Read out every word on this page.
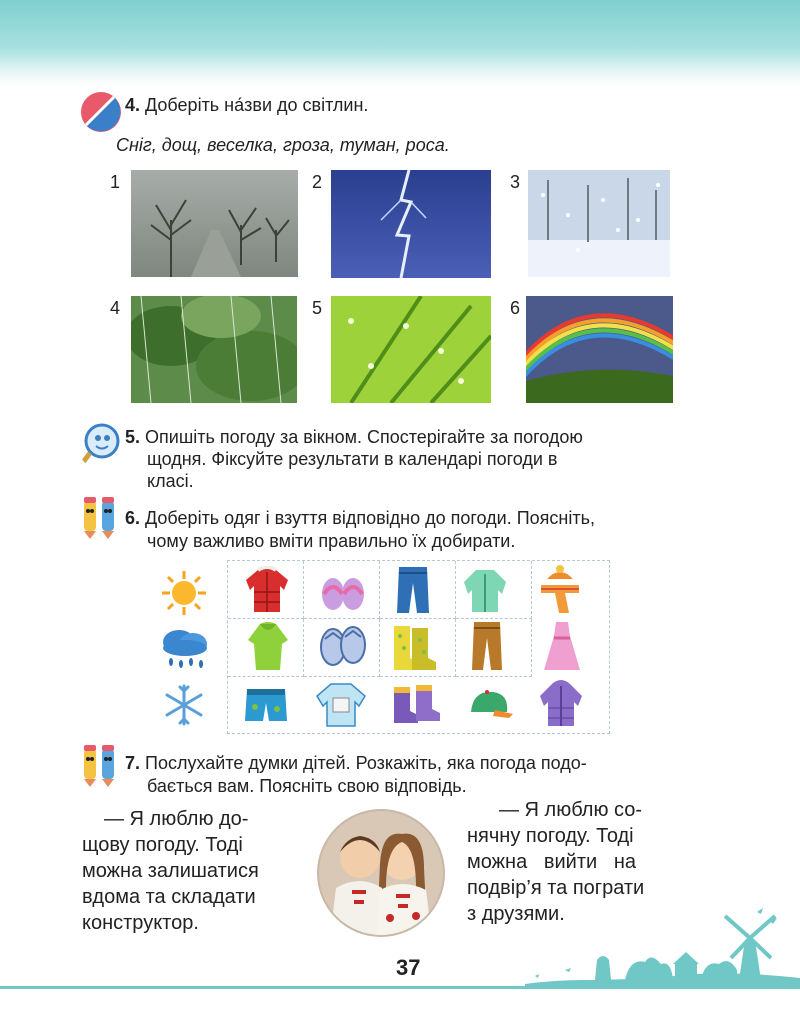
4. Доберіть на́зви до світлин.
Сніг, дощ, веселка, гроза, туман, роса.
1	2	3
4	5	6
5. Опишіть погоду за вікном. Спостерігайте за погодою
щодня. Фіксуйте результати в календарі погоди в
класі.
6. Доберіть одяг і взуття відповідно до погоди. Поясніть,
чому важливо вміти правильно їх добирати.
7. Послухайте думки дітей. Розкажіть, яка погода подо-
бається вам. Поясніть свою відповідь.
— Я люблю до-
щову погоду. Тоді
можна залишатися
вдома та складати
конструктор.
— Я люблю со-
нячну погоду. Тоді
можна   вийти   на
подвір’я та пограти
з друзями.
37
